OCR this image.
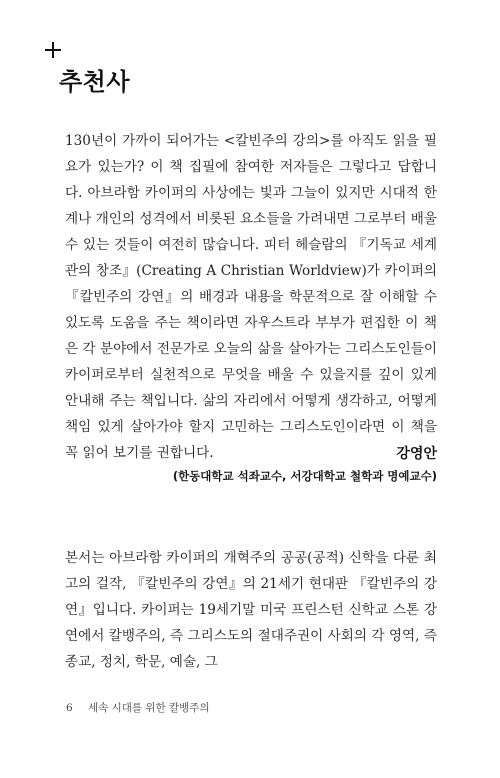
추천사
130년이 가까이 되어가는 <칼빈주의 강의>를 아직도 읽을 필요가 있는가? 이 책 집필에 참여한 저자들은 그렇다고 답합니다. 아브라함 카이퍼의 사상에는 빛과 그늘이 있지만 시대적 한계나 개인의 성격에서 비롯된 요소들을 가려내면 그로부터 배울 수 있는 것들이 여전히 많습니다. 피터 헤슬람의 『기독교 세계관의 창조』(Creating A Christian Worldview)가 카이퍼의 『칼빈주의 강연』의 배경과 내용을 학문적으로 잘 이해할 수 있도록 도움을 주는 책이라면 자우스트라 부부가 편집한 이 책은 각 분야에서 전문가로 오늘의 삶을 살아가는 그리스도인들이 카이퍼로부터 실천적으로 무엇을 배울 수 있을지를 깊이 있게 안내해 주는 책입니다. 삶의 자리에서 어떻게 생각하고, 어떻게 책임 있게 살아가야 할지 고민하는 그리스도인이라면 이 책을 꼭 읽어 보기를 권합니다.	강영안
(한동대학교 석좌교수, 서강대학교 철학과 명예교수)
본서는 아브라함 카이퍼의 개혁주의 공공(공적) 신학을 다룬 최고의 걸작, 『칼빈주의 강연』의 21세기 현대판 『칼빈주의 강연』입니다. 카이퍼는 19세기말 미국 프린스턴 신학교 스톤 강연에서 칼뱅주의, 즉 그리스도의 절대주권이 사회의 각 영역, 즉 종교, 정치, 학문, 예술, 그
6 세속 시대를 위한 칼뱅주의
